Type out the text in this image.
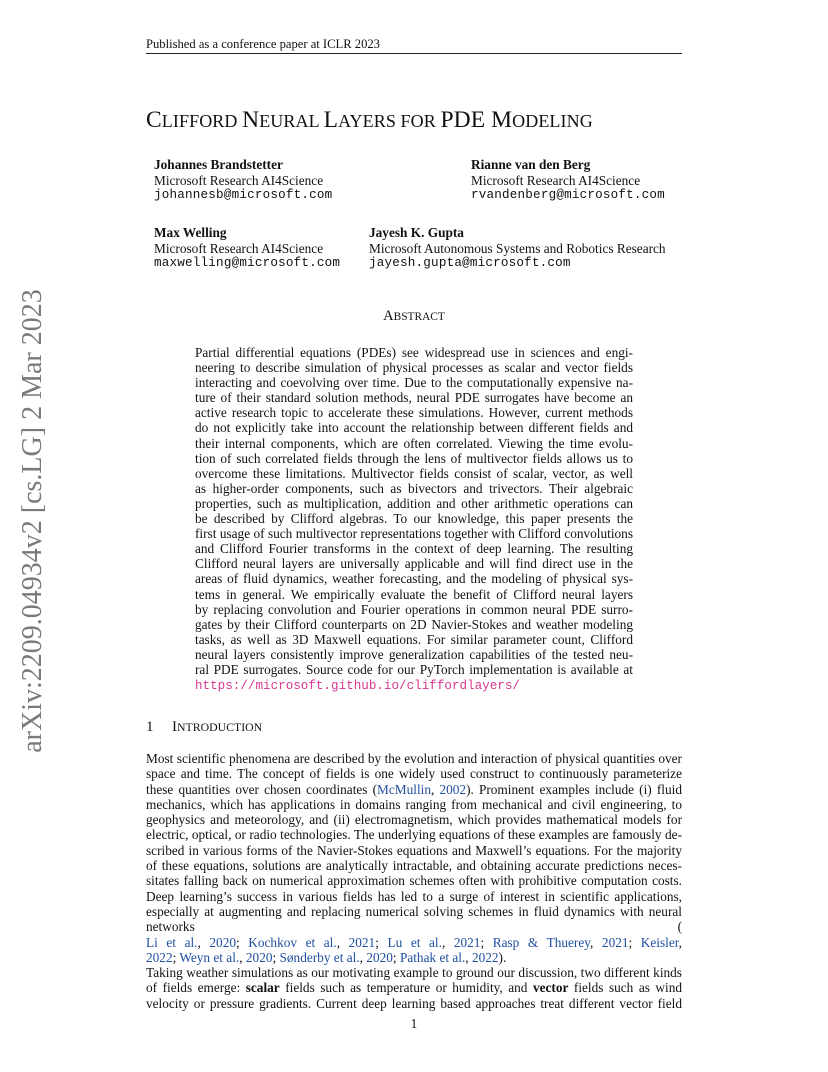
Published as a conference paper at ICLR 2023
arXiv:2209.04934v2 [cs.LG] 2 Mar 2023
CLIFFORD NEURAL LAYERS FOR PDE MODELING
Johannes Brandstetter
Microsoft Research AI4Science
johannesb@microsoft.com
Rianne van den Berg
Microsoft Research AI4Science
rvandenberg@microsoft.com
Max Welling
Microsoft Research AI4Science
maxwelling@microsoft.com
Jayesh K. Gupta
Microsoft Autonomous Systems and Robotics Research
jayesh.gupta@microsoft.com
ABSTRACT
Partial differential equations (PDEs) see widespread use in sciences and engi-
neering to describe simulation of physical processes as scalar and vector fields
interacting and coevolving over time. Due to the computationally expensive na-
ture of their standard solution methods, neural PDE surrogates have become an
active research topic to accelerate these simulations. However, current methods
do not explicitly take into account the relationship between different fields and
their internal components, which are often correlated. Viewing the time evolu-
tion of such correlated fields through the lens of multivector fields allows us to
overcome these limitations. Multivector fields consist of scalar, vector, as well
as higher-order components, such as bivectors and trivectors. Their algebraic
properties, such as multiplication, addition and other arithmetic operations can
be described by Clifford algebras. To our knowledge, this paper presents the
first usage of such multivector representations together with Clifford convolutions
and Clifford Fourier transforms in the context of deep learning. The resulting
Clifford neural layers are universally applicable and will find direct use in the
areas of fluid dynamics, weather forecasting, and the modeling of physical sys-
tems in general. We empirically evaluate the benefit of Clifford neural layers
by replacing convolution and Fourier operations in common neural PDE surro-
gates by their Clifford counterparts on 2D Navier-Stokes and weather modeling
tasks, as well as 3D Maxwell equations. For similar parameter count, Clifford
neural layers consistently improve generalization capabilities of the tested neu-
ral PDE surrogates. Source code for our PyTorch implementation is available at
https://microsoft.github.io/cliffordlayers/
1 INTRODUCTION
Most scientific phenomena are described by the evolution and interaction of physical quantities over
space and time. The concept of fields is one widely used construct to continuously parameterize
these quantities over chosen coordinates (McMullin, 2002). Prominent examples include (i) fluid
mechanics, which has applications in domains ranging from mechanical and civil engineering, to
geophysics and meteorology, and (ii) electromagnetism, which provides mathematical models for
electric, optical, or radio technologies. The underlying equations of these examples are famously de-
scribed in various forms of the Navier-Stokes equations and Maxwell’s equations. For the majority
of these equations, solutions are analytically intractable, and obtaining accurate predictions neces-
sitates falling back on numerical approximation schemes often with prohibitive computation costs.
Deep learning’s success in various fields has led to a surge of interest in scientific applications,
especially at augmenting and replacing numerical solving schemes in fluid dynamics with neural
networks (
Li et al., 2020; Kochkov et al., 2021; Lu et al., 2021; Rasp & Thuerey, 2021; Keisler,
2022; Weyn et al., 2020; Sønderby et al., 2020; Pathak et al., 2022).
Taking weather simulations as our motivating example to ground our discussion, two different kinds
of fields emerge: scalar fields such as temperature or humidity, and vector fields such as wind
velocity or pressure gradients. Current deep learning based approaches treat different vector field
1
